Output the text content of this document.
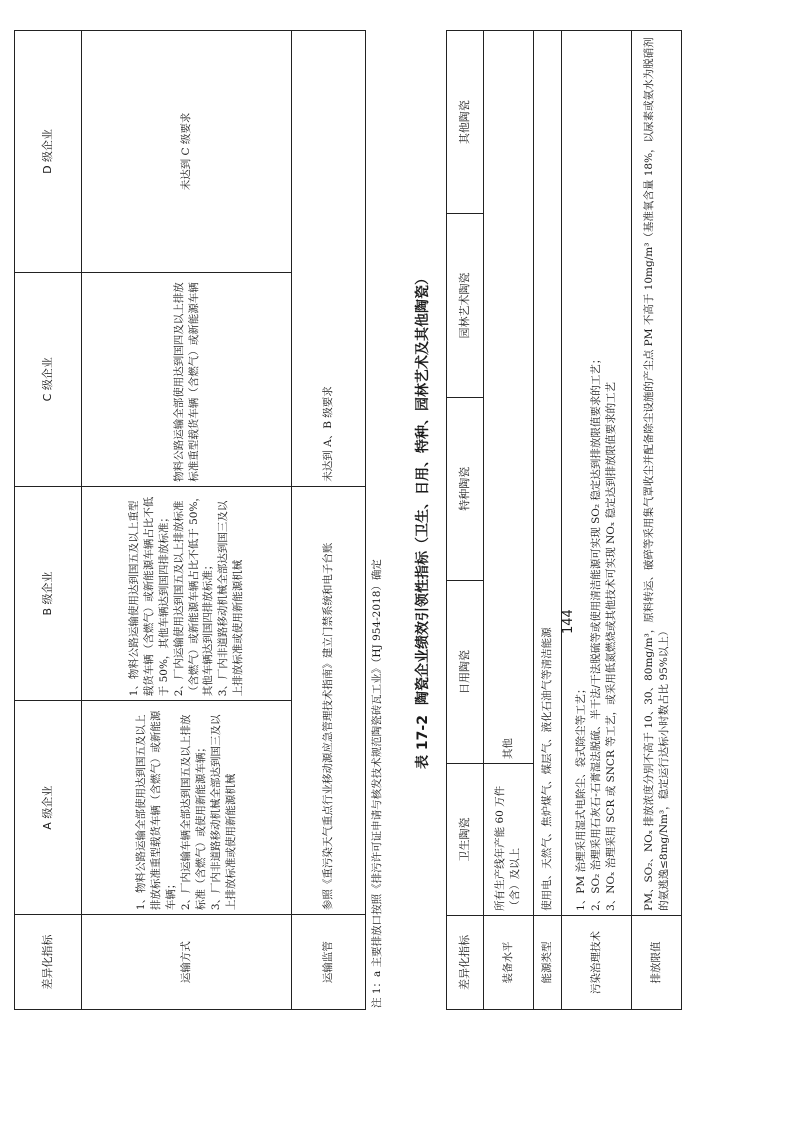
差异化指标	A 级企业	B 级企业	C 级企业	D 级企业
运输方式	1、物料公路运输全部使用达到国五及以上排放标准重型载货车辆（含燃气）或新能源车辆；
2、厂内运输车辆全部达到国五及以上排放标准（含燃气）或使用新能源车辆；
3、厂内非道路移动机械全部达到国三及以上排放标准或使用新能源机械	1、物料公路运输使用达到国五及以上重型载货车辆（含燃气）或新能源车辆占比不低于 50%，其他车辆达到国四排放标准；
2、厂内运输使用达到国五及以上排放标准（含燃气）或新能源车辆占比不低于 50%，其他车辆达到国四排放标准；
3、厂内非道路移动机械全部达到国三及以上排放标准或使用新能源机械	物料公路运输全部使用达到国四及以上排放标准重型载货车辆（含燃气）或新能源车辆	未达到 C 级要求
运输监管	参照《重污染天气重点行业移动源应急管理技术指南》建立门禁系统和电子台账		未达到 A、B 级要求	
注 1：a 主要排放口按照《排污许可证申请与核发技术规范陶瓷砖瓦工业》（HJ 954-2018）确定 表 17-2陶瓷企业绩效引领性指标（卫生、日用、特种、园林艺术及其他陶瓷）
差异化指标	卫生陶瓷	日用陶瓷	特种陶瓷	园林艺术陶瓷	其他陶瓷
装备水平	所有生产线年产能 60 万件（含）及以上	其他			
能源类型	使用电、天然气、焦炉煤气、煤层气、液化石油气等清洁能源				
污染治理技术	1、PM 治理采用湿式电除尘、袋式除尘等工艺；
2、SO₂ 治理采用石灰石-石膏湿法脱硫、半干法/干法脱硫等或使用清洁能源可实现 SO₂ 稳定达到排放限值要求的工艺；
3、NOₓ 治理采用 SCR 或 SNCR 等工艺，或采用低氮燃烧或其他技术可实现 NOₓ 稳定达到排放限值要求的工艺				
排放限值	PM、SO₂、NOₓ 排放浓度分别不高于 10、30、80mg/m³，原料转运、破碎等采用集气罩收尘并配备除尘设施的产尘点 PM 不高于 10mg/m³（基准氧含量 18%，以尿素或氨水为脱硝剂的氨逃逸≤8mg/Nm³，稳定运行达标小时数占比 95%以上）				
144
